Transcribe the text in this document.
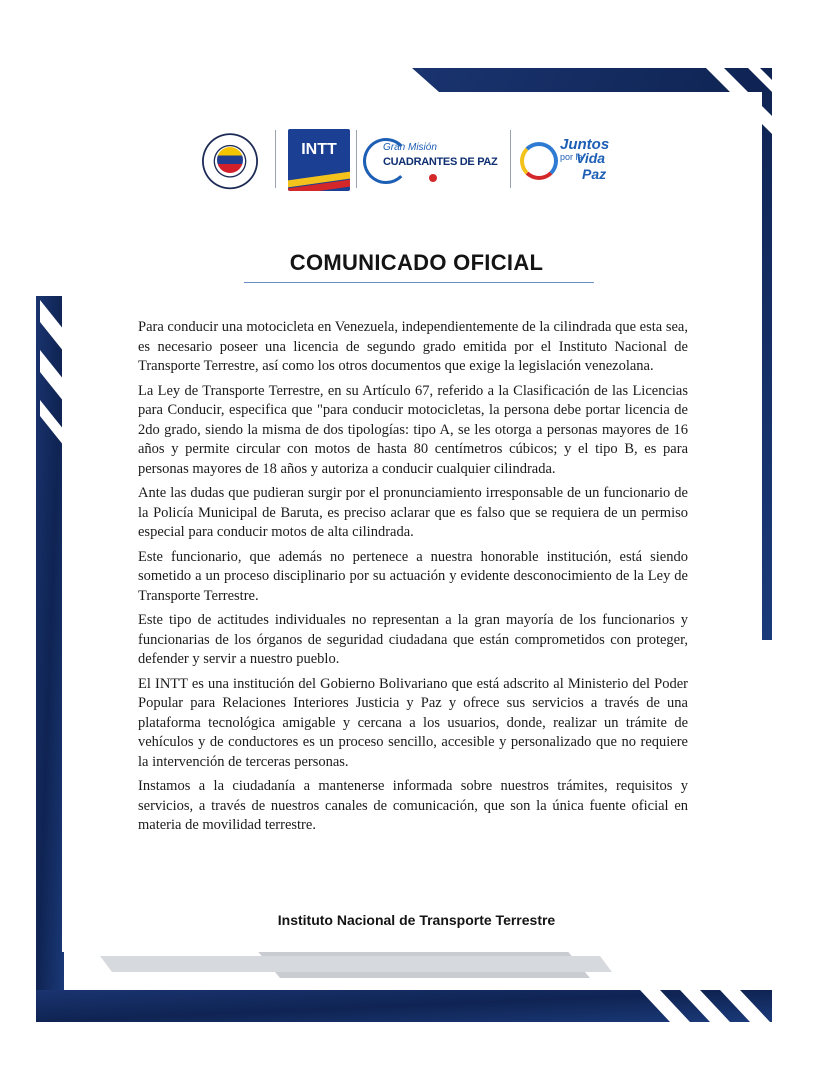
INTT	Gran Misión
CUADRANTES DE PAZ
Juntos
por la
Vida
Paz
COMUNICADO OFICIAL

Para conducir una motocicleta en Venezuela, independientemente de la cilindrada que esta sea, es necesario poseer una licencia de segundo grado emitida por el Instituto Nacional de Transporte Terrestre, así como los otros documentos que exige la legislación venezolana.

La Ley de Transporte Terrestre, en su Artículo 67, referido a la Clasificación de las Licencias para Conducir, especifica que "para conducir motocicletas, la persona debe portar licencia de 2do grado, siendo la misma de dos tipologías: tipo A, se les otorga a personas mayores de 16 años y permite circular con motos de hasta 80 centímetros cúbicos; y el tipo B, es para personas mayores de 18 años y autoriza a conducir cualquier cilindrada.

Ante las dudas que pudieran surgir por el pronunciamiento irresponsable de un funcionario de la Policía Municipal de Baruta, es preciso aclarar que es falso que se requiera de un permiso especial para conducir motos de alta cilindrada.

Este funcionario, que además no pertenece a nuestra honorable institución, está siendo sometido a un proceso disciplinario por su actuación y evidente desconocimiento de la Ley de Transporte Terrestre.

Este tipo de actitudes individuales no representan a la gran mayoría de los funcionarios y funcionarias de los órganos de seguridad ciudadana que están comprometidos con proteger, defender y servir a nuestro pueblo.

El INTT es una institución del Gobierno Bolivariano que está adscrito al Ministerio del Poder Popular para Relaciones Interiores Justicia y Paz y ofrece sus servicios a través de una plataforma tecnológica amigable y cercana a los usuarios, donde, realizar un trámite de vehículos y de conductores es un proceso sencillo, accesible y personalizado que no requiere la intervención de terceras personas.

Instamos a la ciudadanía a mantenerse informada sobre nuestros trámites, requisitos y servicios, a través de nuestros canales de comunicación, que son la única fuente oficial en materia de movilidad terrestre.

Instituto Nacional de Transporte Terrestre
